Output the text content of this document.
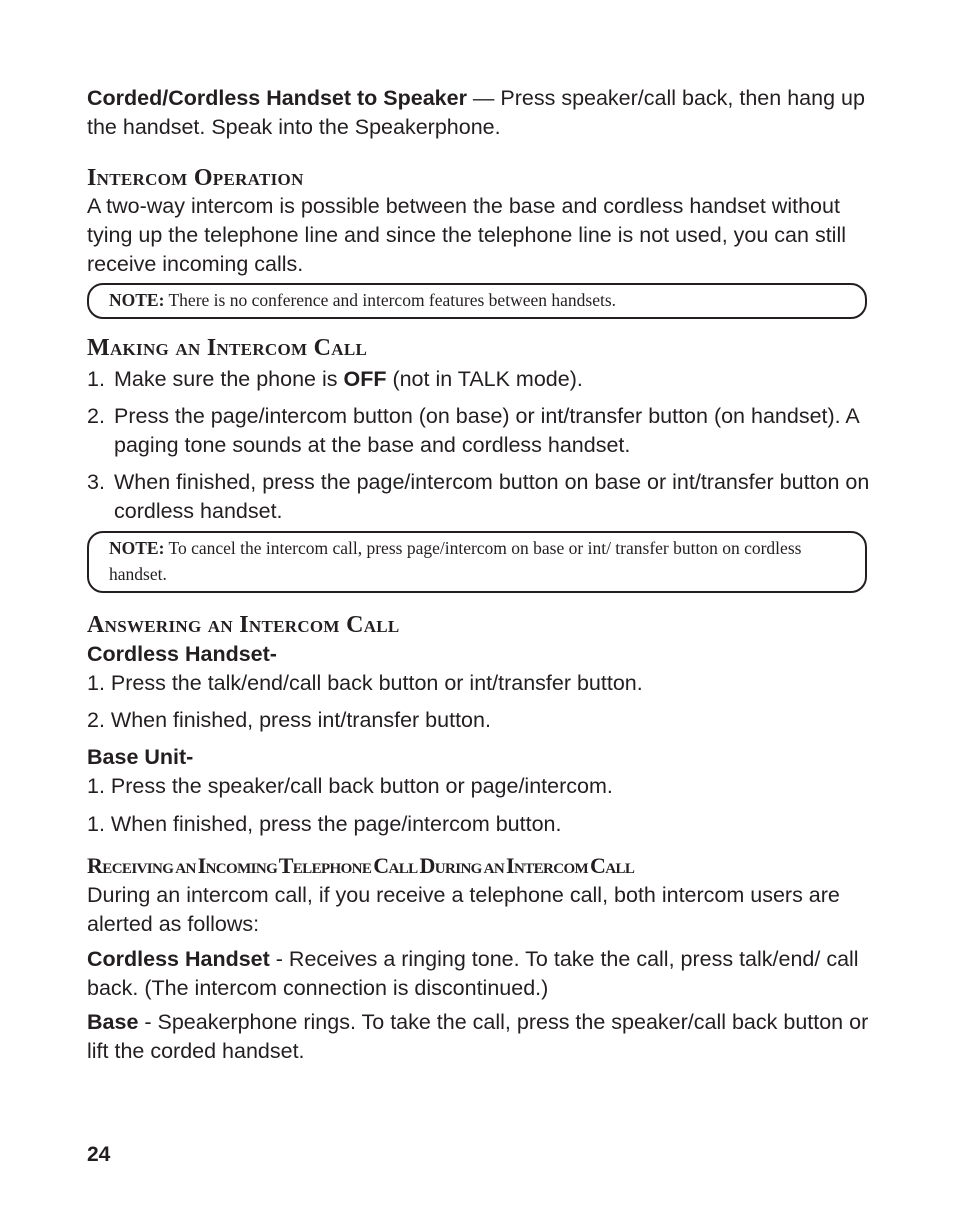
Corded/Cordless Handset to Speaker — Press speaker/call back, then hang up the handset. Speak into the Speakerphone.

Intercom Operation

A two-way intercom is possible between the base and cordless handset without tying up the telephone line and since the telephone line is not used, you can still receive incoming calls.

NOTE: There is no conference and intercom features between handsets.
Making an Intercom Call
1. Make sure the phone is OFF (not in TALK mode).
2. Press the page/intercom button (on base) or int/transfer button (on handset). A paging tone sounds at the base and cordless handset.
3. When finished, press the page/intercom button on base or int/transfer button on cordless handset.
NOTE: To cancel the intercom call, press page/intercom on base or int/ transfer button on cordless handset.
Answering an Intercom Call

Cordless Handset-

1. Press the talk/end/call back button or int/transfer button.

2. When finished, press int/transfer button.

Base Unit-

1. Press the speaker/call back button or page/intercom.

1. When finished, press the page/intercom button.

Receiving an Incoming Telephone Call During an Intercom Call

During an intercom call, if you receive a telephone call, both intercom users are alerted as follows:

Cordless Handset - Receives a ringing tone. To take the call, press talk/end/ call back. (The intercom connection is discontinued.)

Base - Speakerphone rings. To take the call, press the speaker/call back button or lift the corded handset.

24
